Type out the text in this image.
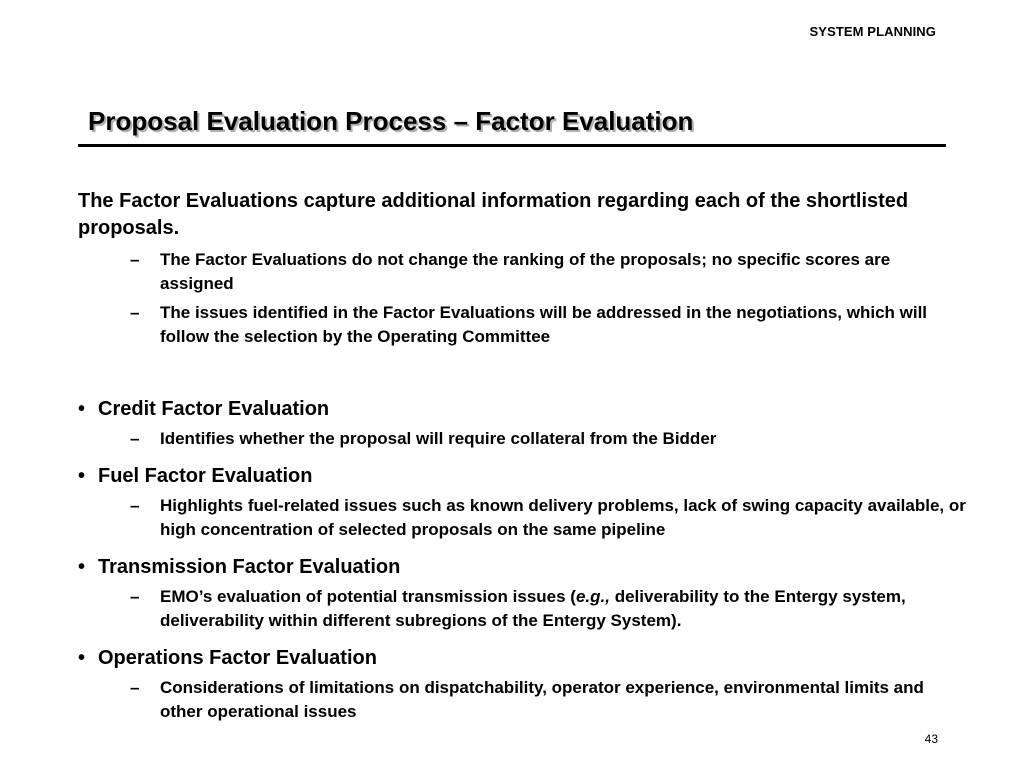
SYSTEM PLANNING
Proposal Evaluation Process – Factor Evaluation

The Factor Evaluations capture additional information regarding each of the shortlisted proposals.

– The Factor Evaluations do not change the ranking of the proposals; no specific scores are assigned
– The issues identified in the Factor Evaluations will be addressed in the negotiations, which will follow the selection by the Operating Committee
• Credit Factor Evaluation
– Identifies whether the proposal will require collateral from the Bidder
• Fuel Factor Evaluation
– Highlights fuel-related issues such as known delivery problems, lack of swing capacity available, or high concentration of selected proposals on the same pipeline
• Transmission Factor Evaluation
– EMO’s evaluation of potential transmission issues (e.g., deliverability to the Entergy system, deliverability within different subregions of the Entergy System).
• Operations Factor Evaluation
– Considerations of limitations on dispatchability, operator experience, environmental limits and other operational issues
43
